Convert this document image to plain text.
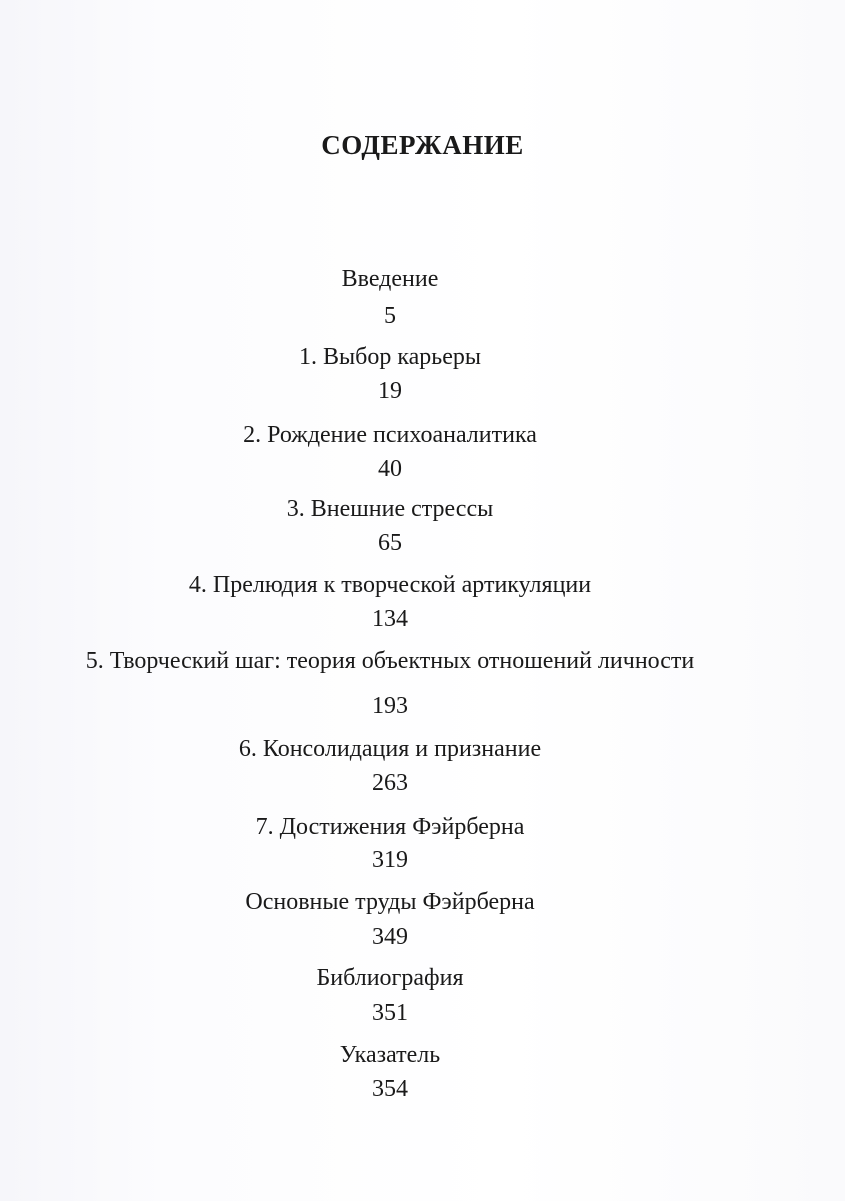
СОДЕРЖАНИЕ
Введение
5
1. Выбор карьеры
19
2. Рождение психоаналитика
40
3. Внешние стрессы
65
4. Прелюдия к творческой артикуляции
134
5. Творческий шаг: теория объектных отношений личности
193
6. Консолидация и признание
263
7. Достижения Фэйрберна
319
Основные труды Фэйрберна
349
Библиография
351
Указатель
354
